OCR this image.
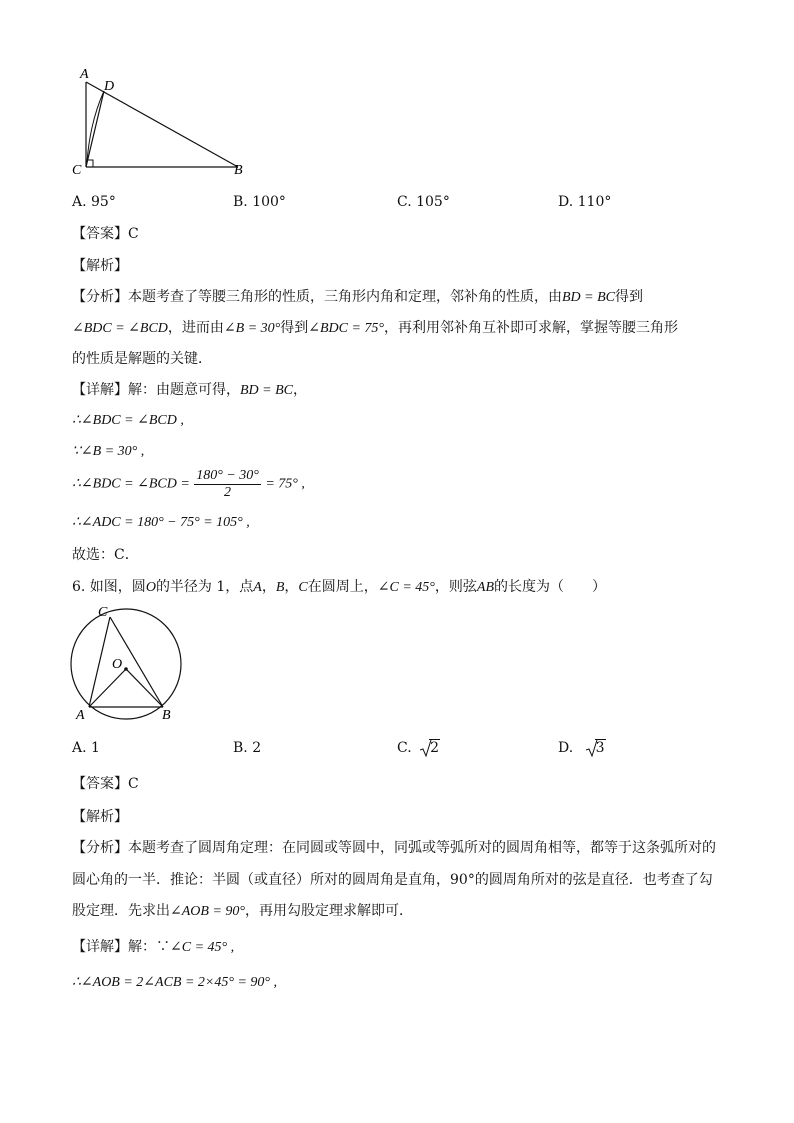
A
D
C	B
A. 95°	B. 100°	C. 105°	D. 110°
【答案】C
【解析】
【分析】本题考查了等腰三角形的性质，三角形内角和定理，邻补角的性质，由BD = BC得到
∠BDC = ∠BCD，进而由∠B = 30°得到∠BDC = 75°，再利用邻补角互补即可求解，掌握等腰三角形
的性质是解题的关键．
【详解】解：由题意可得，BD = BC，
∴∠BDC = ∠BCD ,
∵∠B = 30° ,
∴∠BDC = ∠BCD = $\frac{180^\circ - 30^\circ}{2} = 75^\circ$ ,
∴∠ADC = 180° − 75° = 105° ,
故选：C．
6. 如图，圆O的半径为 1，点A，B，C在圆周上，∠C = 45°，则弦AB的长度为（　　）
C
O
A	B
A. 1	B. 2	C. 2	D. 3
【答案】C
【解析】
【分析】本题考查了圆周角定理：在同圆或等圆中，同弧或等弧所对的圆周角相等，都等于这条弧所对的
圆心角的一半．推论：半圆（或直径）所对的圆周角是直角，90°的圆周角所对的弦是直径．也考查了勾
股定理．先求出∠AOB = 90°，再用勾股定理求解即可．
【详解】解：∵∠C = 45° ,
∴∠AOB = 2∠ACB = 2×45° = 90° ,
